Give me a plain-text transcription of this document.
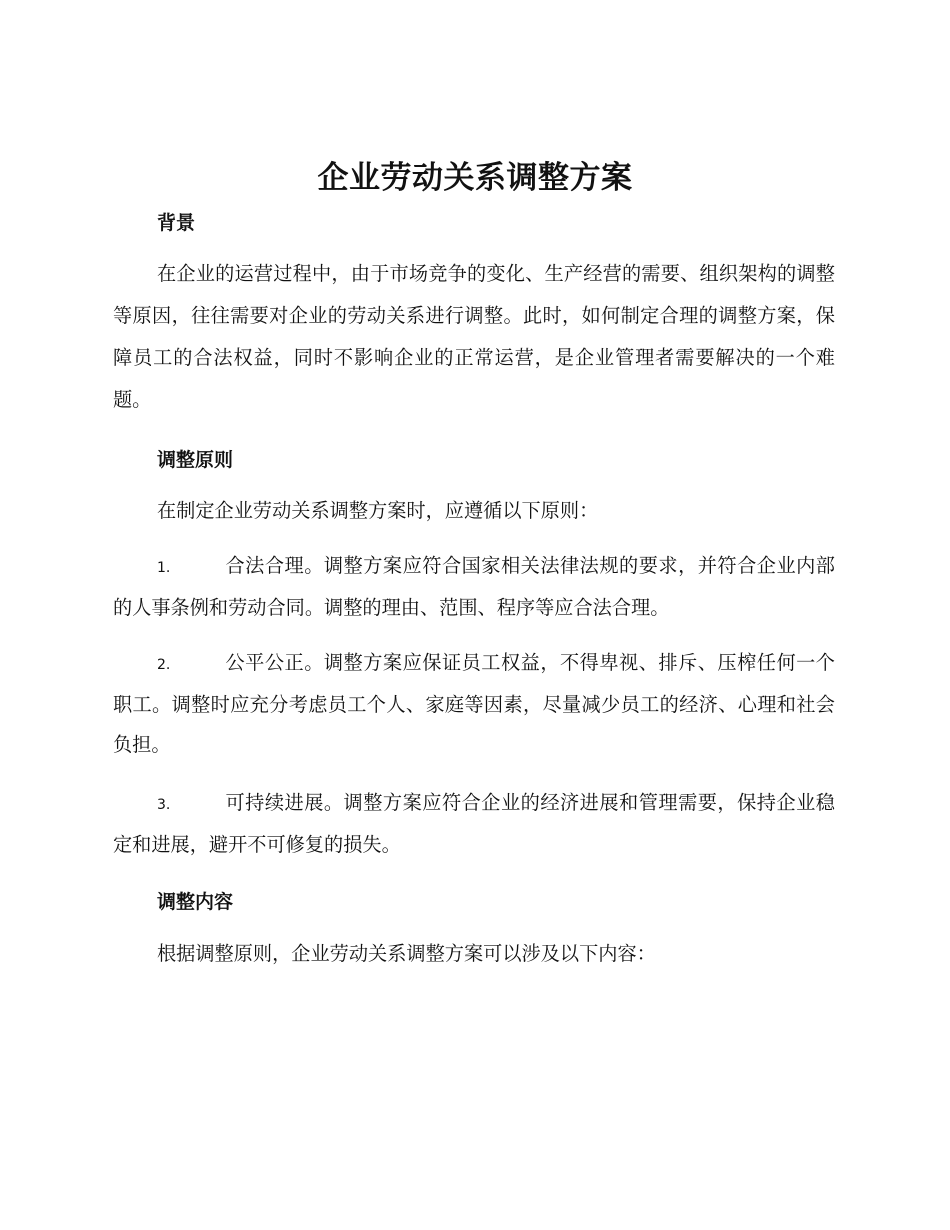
企业劳动关系调整方案
背景

在企业的运营过程中，由于市场竞争的变化、生产经营的需要、组织架构的调整等原因，往往需要对企业的劳动关系进行调整。此时，如何制定合理的调整方案，保障员工的合法权益，同时不影响企业的正常运营，是企业管理者需要解决的一个难题。

调整原则

在制定企业劳动关系调整方案时，应遵循以下原则：

1.	合法合理。调整方案应符合国家相关法律法规的要求，并符合企业内部的人事条例和劳动合同。调整的理由、范围、程序等应合法合理。

2.	公平公正。调整方案应保证员工权益，不得卑视、排斥、压榨任何一个职工。调整时应充分考虑员工个人、家庭等因素，尽量减少员工的经济、心理和社会负担。

3.	可持续进展。调整方案应符合企业的经济进展和管理需要，保持企业稳定和进展，避开不可修复的损失。

调整内容

根据调整原则，企业劳动关系调整方案可以涉及以下内容：
